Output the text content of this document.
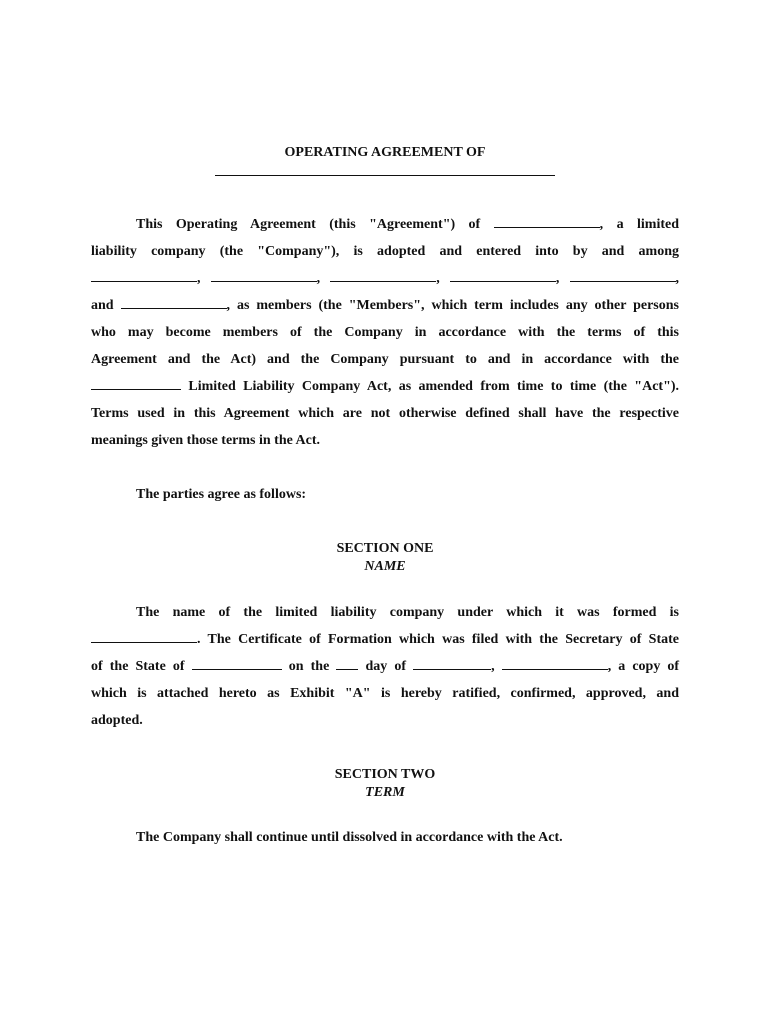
OPERATING AGREEMENT OF
This Operating Agreement (this "Agreement") of	, a limited
liability company (the "Company"), is adopted and entered into by and among
,	,	,	,	,
and	, as members (the "Members", which term includes any other persons
who may become members of the Company in accordance with the terms of this
Agreement and the Act) and the Company pursuant to and in accordance with the
Limited Liability Company Act, as amended from time to time (the "Act").
Terms used in this Agreement which are not otherwise defined shall have the respective
meanings given those terms in the Act.
The parties agree as follows:
SECTION ONE
NAME
The name of the limited liability company under which it was formed is
. The Certificate of Formation which was filed with the Secretary of State
of the State of	on the	day of	,	, a copy of
which is attached hereto as Exhibit "A" is hereby ratified, confirmed, approved, and
adopted.
SECTION TWO
TERM
The Company shall continue until dissolved in accordance with the Act.
